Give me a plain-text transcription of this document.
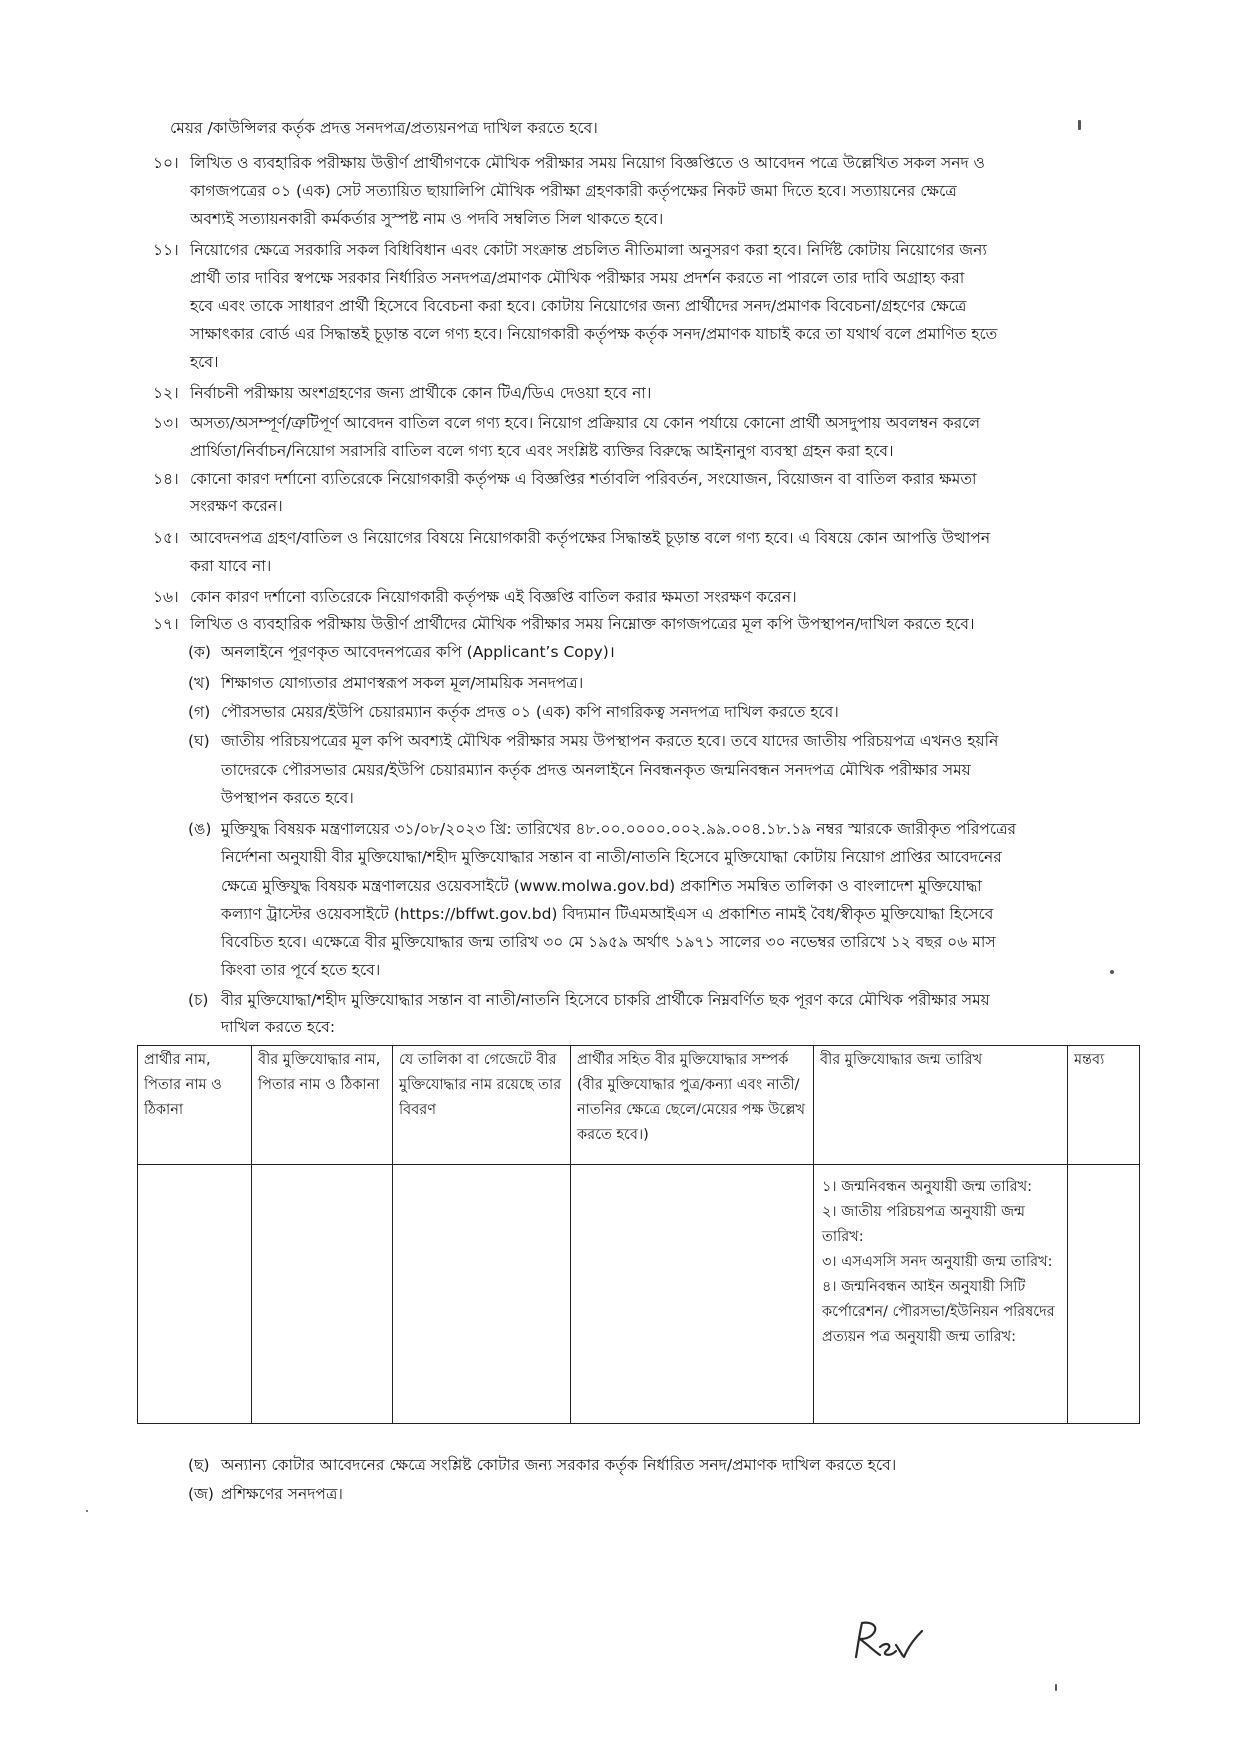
মেয়র /কাউন্সিলর কর্তৃক প্রদত্ত সনদপত্র/প্রত্যয়নপত্র দাখিল করতে হবে।
১০। লিখিত ও ব্যবহারিক পরীক্ষায় উত্তীর্ণ প্রার্থীগণকে মৌখিক পরীক্ষার সময় নিয়োগ বিজ্ঞপ্তিতে ও আবেদন পত্রে উল্লেখিত সকল সনদ ও
কাগজপত্রের ০১ (এক) সেট সত্যায়িত ছায়ালিপি মৌখিক পরীক্ষা গ্রহণকারী কর্তৃপক্ষের নিকট জমা দিতে হবে। সত্যায়নের ক্ষেত্রে
অবশ্যই সত্যায়নকারী কর্মকর্তার সুস্পষ্ট নাম ও পদবি সম্বলিত সিল থাকতে হবে।
১১। নিয়োগের ক্ষেত্রে সরকারি সকল বিধিবিধান এবং কোটা সংক্রান্ত প্রচলিত নীতিমালা অনুসরণ করা হবে। নির্দিষ্ট কোটায় নিয়োগের জন্য
প্রার্থী তার দাবির স্বপক্ষে সরকার নির্ধারিত সনদপত্র/প্রমাণক মৌখিক পরীক্ষার সময় প্রদর্শন করতে না পারলে তার দাবি অগ্রাহ্য করা
হবে এবং তাকে সাধারণ প্রার্থী হিসেবে বিবেচনা করা হবে। কোটায় নিয়োগের জন্য প্রার্থীদের সনদ/প্রমাণক বিবেচনা/গ্রহণের ক্ষেত্রে
সাক্ষাৎকার বোর্ড এর সিদ্ধান্তই চূড়ান্ত বলে গণ্য হবে। নিয়োগকারী কর্তৃপক্ষ কর্তৃক সনদ/প্রমাণক যাচাই করে তা যথার্থ বলে প্রমাণিত হতে
হবে।
১২। নির্বাচনী পরীক্ষায় অংশগ্রহণের জন্য প্রার্থীকে কোন টিএ/ডিএ দেওয়া হবে না।
১৩। অসত্য/অসম্পূর্ণ/ত্রুটিপূর্ণ আবেদন বাতিল বলে গণ্য হবে। নিয়োগ প্রক্রিয়ার যে কোন পর্যায়ে কোনো প্রার্থী অসদুপায় অবলম্বন করলে
প্রার্থিতা/নির্বাচন/নিয়োগ সরাসরি বাতিল বলে গণ্য হবে এবং সংশ্লিষ্ট ব্যক্তির বিরুদ্ধে আইনানুগ ব্যবস্থা গ্রহন করা হবে।
১৪। কোনো কারণ দর্শানো ব্যতিরেকে নিয়োগকারী কর্তৃপক্ষ এ বিজ্ঞপ্তির শর্তাবলি পরিবর্তন, সংযোজন, বিয়োজন বা বাতিল করার ক্ষমতা
সংরক্ষণ করেন।
১৫। আবেদনপত্র গ্রহণ/বাতিল ও নিয়োগের বিষয়ে নিয়োগকারী কর্তৃপক্ষের সিদ্ধান্তই চূড়ান্ত বলে গণ্য হবে। এ বিষয়ে কোন আপত্তি উত্থাপন
করা যাবে না।
১৬। কোন কারণ দর্শানো ব্যতিরেকে নিয়োগকারী কর্তৃপক্ষ এই বিজ্ঞপ্তি বাতিল করার ক্ষমতা সংরক্ষণ করেন।
১৭। লিখিত ও ব্যবহারিক পরীক্ষায় উত্তীর্ণ প্রার্থীদের মৌখিক পরীক্ষার সময় নিম্নোক্ত কাগজপত্রের মূল কপি উপস্থাপন/দাখিল করতে হবে।
(ক) অনলাইনে পূরণকৃত আবেদনপত্রের কপি (Applicant’s Copy)।
(খ) শিক্ষাগত যোগ্যতার প্রমাণস্বরূপ সকল মূল/সাময়িক সনদপত্র।
(গ) পৌরসভার মেয়র/ইউপি চেয়ারম্যান কর্তৃক প্রদত্ত ০১ (এক) কপি নাগরিকত্ব সনদপত্র দাখিল করতে হবে।
(ঘ) জাতীয় পরিচয়পত্রের মূল কপি অবশ্যই মৌখিক পরীক্ষার সময় উপস্থাপন করতে হবে। তবে যাদের জাতীয় পরিচয়পত্র এখনও হয়নি
তাদেরকে পৌরসভার মেয়র/ইউপি চেয়ারম্যান কর্তৃক প্রদত্ত অনলাইনে নিবন্ধনকৃত জন্মনিবন্ধন সনদপত্র মৌখিক পরীক্ষার সময়
উপস্থাপন করতে হবে।
(ঙ) মুক্তিযুদ্ধ বিষয়ক মন্ত্রণালয়ের ৩১/০৮/২০২৩ খ্রি: তারিখের ৪৮.০০.০০০০.০০২.৯৯.০০৪.১৮.১৯ নম্বর স্মারকে জারীকৃত পরিপত্রের
নির্দেশনা অনুযায়ী বীর মুক্তিযোদ্ধা/শহীদ মুক্তিযোদ্ধার সন্তান বা নাতী/নাতনি হিসেবে মুক্তিযোদ্ধা কোটায় নিয়োগ প্রাপ্তির আবেদনের
ক্ষেত্রে মুক্তিযুদ্ধ বিষয়ক মন্ত্রণালয়ের ওয়েবসাইটে (www.molwa.gov.bd) প্রকাশিত সমন্বিত তালিকা ও বাংলাদেশ মুক্তিযোদ্ধা
কল্যাণ ট্রাস্টের ওয়েবসাইটে (https://bffwt.gov.bd) বিদ্যমান টিএমআইএস এ প্রকাশিত নামই বৈধ/স্বীকৃত মুক্তিযোদ্ধা হিসেবে
বিবেচিত হবে। এক্ষেত্রে বীর মুক্তিযোদ্ধার জন্ম তারিখ ৩০ মে ১৯৫৯ অর্থাৎ ১৯৭১ সালের ৩০ নভেম্বর তারিখে ১২ বছর ০৬ মাস
কিংবা তার পূর্বে হতে হবে।
(চ) বীর মুক্তিযোদ্ধা/শহীদ মুক্তিযোদ্ধার সন্তান বা নাতী/নাতনি হিসেবে চাকরি প্রার্থীকে নিম্নবর্ণিত ছক পূরণ করে মৌখিক পরীক্ষার সময়
দাখিল করতে হবে:
প্রার্থীর নাম, পিতার নাম ও ঠিকানা	বীর মুক্তিযোদ্ধার নাম, পিতার নাম ও ঠিকানা	যে তালিকা বা গেজেটে বীর মুক্তিযোদ্ধার নাম রয়েছে তার বিবরণ	প্রার্থীর সহিত বীর মুক্তিযোদ্ধার সম্পর্ক (বীর মুক্তিযোদ্ধার পুত্র/কন্যা এবং নাতী/নাতনির ক্ষেত্রে ছেলে/মেয়ের পক্ষ উল্লেখ করতে হবে।)	বীর মুক্তিযোদ্ধার জন্ম তারিখ	মন্তব্য

				১। জন্মনিবন্ধন অনুযায়ী জন্ম তারিখ:
২। জাতীয় পরিচয়পত্র অনুযায়ী জন্ম তারিখ:
৩। এসএসসি সনদ অনুযায়ী জন্ম তারিখ:
৪। জন্মনিবন্ধন আইন অনুযায়ী সিটি কর্পোরেশন/ পৌরসভা/ইউনিয়ন পরিষদের প্রত্যয়ন পত্র অনুযায়ী জন্ম তারিখ:	

(ছ) অন্যান্য কোটার আবেদনের ক্ষেত্রে সংশ্লিষ্ট কোটার জন্য সরকার কর্তৃক নির্ধারিত সনদ/প্রমাণক দাখিল করতে হবে।
(জ) প্রশিক্ষণের সনদপত্র।
